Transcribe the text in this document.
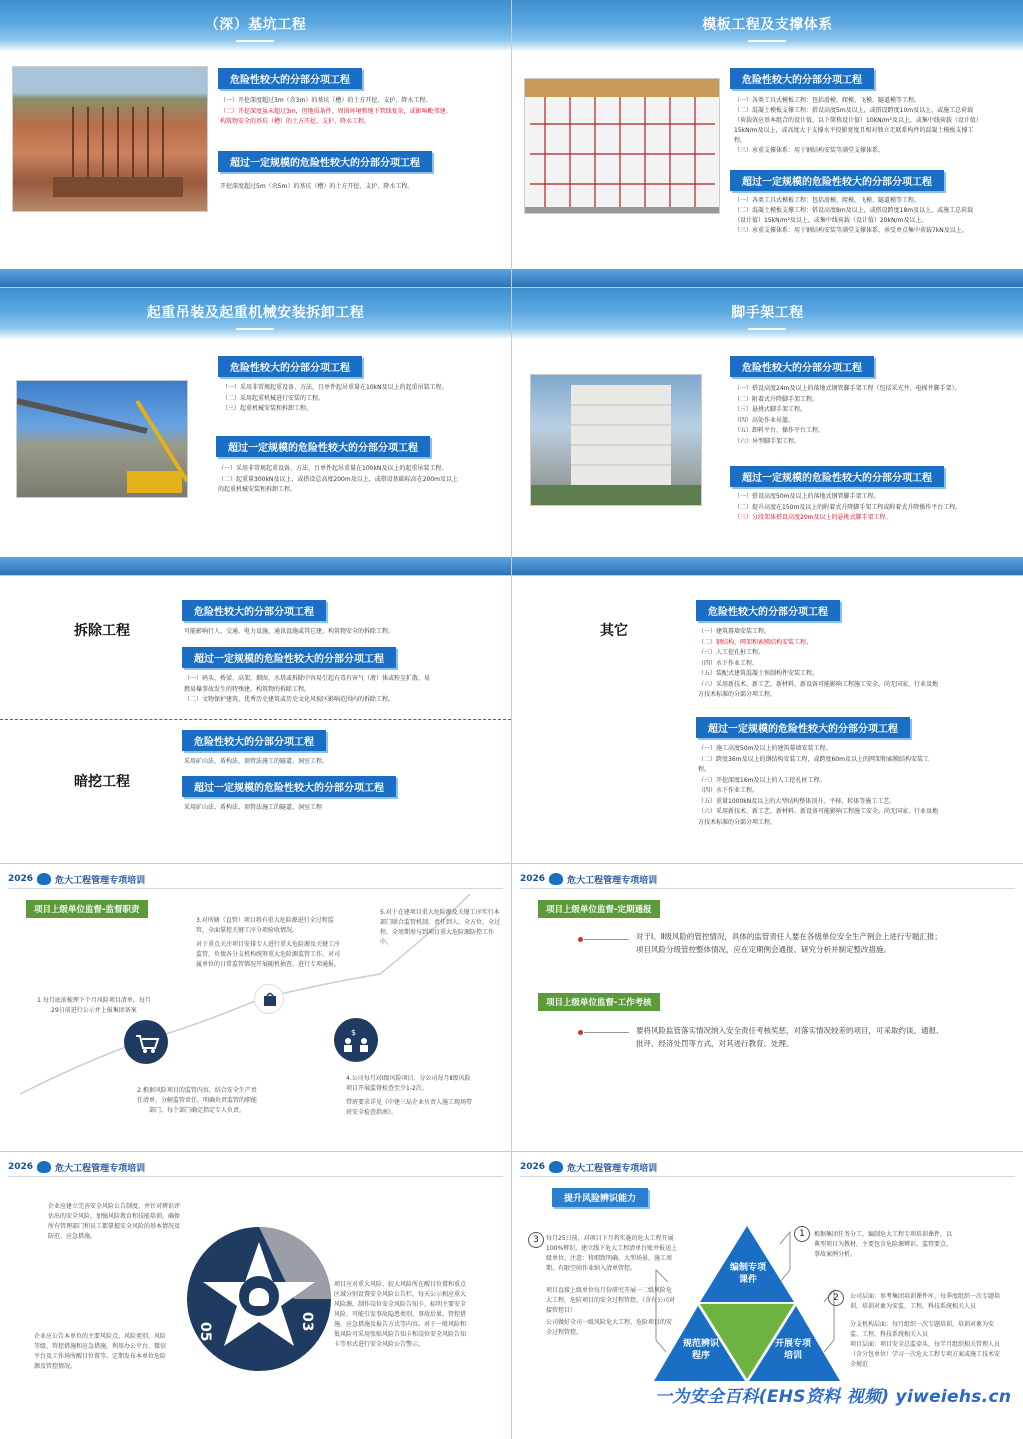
（深）基坑工程
危险性较大的分部分项工程

（一）开挖深度超过3m（含3m）的基坑（槽）的土方开挖、支护、降水工程。

（二）开挖深度虽未超过3m，但地质条件、周围环境和地下管线复杂，或影响毗邻建、构筑物安全的基坑（槽）的土方开挖、支护、降水工程。

超过一定规模的危险性较大的分部分项工程

开挖深度超过5m（含5m）的基坑（槽）的土方开挖、支护、降水工程。

模板工程及支撑体系
危险性较大的分部分项工程

（一）各类工具式模板工程：包括滑模、爬模、飞模、隧道模等工程。

（二）混凝土模板支撑工程：搭设高度5m及以上，或搭设跨度10m及以上，或施工总荷载（荷载效应基本组合的设计值，以下简称设计值）10kN/m²及以上，或集中线荷载（设计值）15kN/m及以上，或高度大于支撑水平投影宽度且相对独立无联系构件的混凝土模板支撑工程。

（三）承重支撑体系：用于钢结构安装等满堂支撑体系。

超过一定规模的危险性较大的分部分项工程

（一）各类工具式模板工程：包括滑模、爬模、飞模、隧道模等工程。

（二）混凝土模板支撑工程：搭设高度8m及以上，或搭设跨度18m及以上，或施工总荷载（设计值）15kN/m²及以上，或集中线荷载（设计值）20kN/m及以上。

（三）承重支撑体系：用于钢结构安装等满堂支撑体系，承受单点集中荷载7kN及以上。

起重吊装及起重机械安装拆卸工程
危险性较大的分部分项工程

（一）采用非常规起重设备、方法，且单件起吊重量在10kN及以上的起重吊装工程。

（二）采用起重机械进行安装的工程。

（三）起重机械安装和拆卸工程。

超过一定规模的危险性较大的分部分项工程

（一）采用非常规起重设备、方法，且单件起吊重量在100kN及以上的起重吊装工程。

（二）起重量300kN及以上，或搭设总高度200m及以上，或搭设基础标高在200m及以上的起重机械安装和拆卸工程。

脚手架工程
危险性较大的分部分项工程

（一）搭设高度24m及以上的落地式钢管脚手架工程（包括采光井、电梯井脚手架）。

（二）附着式升降脚手架工程。

（三）悬挑式脚手架工程。

（四）高处作业吊篮。

（五）卸料平台、操作平台工程。

（六）异型脚手架工程。

超过一定规模的危险性较大的分部分项工程

（一）搭设高度50m及以上的落地式钢管脚手架工程。

（二）提升高度在150m及以上的附着式升降脚手架工程或附着式升降操作平台工程。

（三）分段架体搭设高度20m及以上的悬挑式脚手架工程。

拆除工程
危险性较大的分部分项工程

可能影响行人、交通、电力设施、通讯设施或其它建、构筑物安全的拆除工程。

超过一定规模的危险性较大的分部分项工程

（一）码头、桥梁、高架、烟囱、水塔或拆除中容易引起有毒有害气（液）体或粉尘扩散、易燃易爆事故发生的特殊建、构筑物的拆除工程。

（二）文物保护建筑、优秀历史建筑或历史文化风貌区影响范围内的拆除工程。

暗挖工程
危险性较大的分部分项工程

采用矿山法、盾构法、顶管法施工的隧道、洞室工程。

超过一定规模的危险性较大的分部分项工程

采用矿山法、盾构法、顶管法施工的隧道、洞室工程

其它
危险性较大的分部分项工程

（一）建筑幕墙安装工程。

（二）钢结构、网架和索膜结构安装工程。

（三）人工挖孔桩工程。

（四）水下作业工程。

（五）装配式建筑混凝土预制构件安装工程。

（六）采用新技术、新工艺、新材料、新设备可能影响工程施工安全，尚无国家、行业及地方技术标准的分部分项工程。

超过一定规模的危险性较大的分部分项工程

（一）施工高度50m及以上的建筑幕墙安装工程。

（二）跨度36m及以上的钢结构安装工程，或跨度60m及以上的网架和索膜结构安装工程。

（三）开挖深度16m及以上的人工挖孔桩工程。

（四）水下作业工程。

（五）重量1000kN及以上的大型结构整体顶升、平移、转体等施工工艺。

（六）采用新技术、新工艺、新材料、新设备可能影响工程施工安全，尚无国家、行业及地方技术标准的分部分项工程。

2026 危大工程管理专项培训
项目上级单位监督-监督职责
$
1.每月底前梳理下个月风险项目清单，每月29日前进行公示并上报集团备案
2.根据风险项目的监管内容，结合安全生产责任清单，分解监管责任，明确负责监管的职能部门，每个部门确定指定专人负责。
3.对所辖（直管）项目将有重大危险源进行全过程监管，全面掌控关键工序分项验收情况。
对于重点关注项目安排专人进行重大危险源及关键工序监管，负债各分支机构统筹重大危险源监管工作，对司属单位的日常监管情况开展随机抽查、进行专项通报。
4.公司每月对Ⅰ级风险项目、分公司每月Ⅱ级风险项目开展监督检查至少1-2次。
带班要求详见《中建三局企业负责人施工现场带班安全检查指南》。
5.对于在建项目重大危险源及关键工序实行本部门联合监管机制，责任到人、全方位、全过程、全周期参与到项目重大危险源防控工作中。
2026 危大工程管理专项培训
项目上级单位监督-定期通报
对于Ⅰ、Ⅱ级风险的管控情况，具体的监管责任人要在各级单位安全生产例会上进行专题汇报；项目风险分级管控整体情况，应在定期例会通报、研究分析并制定整改措施。
项目上级单位监督-工作考核
要将风险监管落实情况纳入安全责任考核奖惩，对落实情况较差的项目，可采取约谈、通报、批评、经济处罚等方式，对其进行教育、处理。
2026 危大工程管理专项培训
企业应建立完善安全风险公告制度，并针对辨识评估出的安全风险，加强风险教育和技能培训，确保所有管理部门和员工都掌握安全风险的基本情况及防范、应急措施。
项目应对重大风险、较大风险所在醒目位置和重点区域分别设置安全风险公告栏，每天公示相应重大风险源，制作岗位安全风险告知卡，标明主要安全风险、可能引发事故隐患类别、事故后果、管控措施、应急措施及报告方式等内容。对于一般风险和低风险可采用张贴风险告知卡和岗位安全风险告知卡等形式进行安全风险公告警示。
企业应公告本单位的主要风险点、风险类别、风险等级、管控措施和应急措施，利用办公平台、微信平台及工作场所醒目位置等，定期发布本单位危险源及管控情况。
05
03
2026 危大工程管理专项培训
提升风险辨识能力
编制专项课件
规范辨识程序
开展专项培训
1
2
3
根据集团任务分工，编制危大工程专项培训课件，以典型项目为教材，主要包含危险源辨识、监管要点、事故案例分析。
公司层面：参考集团培训课件库，每季度组织一次专题培训，培训对象为安监、工程、科技系统相关人员
分支机构层面：每月组织一次专题培训，培训对象为安监、工程、科技系统相关人员
项目层面：项目安全总监牵头，每半月组织相关管理人员（含分包单位）学习一次危大工程专项方案或施工技术安全规范
每月25日前，对项目下月将实施的危大工程开展100%辨识，建立线下危大工程清单台账并报送上级单位，注意：将细致明确、大型场景、施工周期、有限空间作业纳入清单管控。
项目直接上级单位每月份研究开展一二级风险危大工程，危险项目的安全过程管控，（含有公司对接管控目）
公司做好全司一级风险危大工程，危险项目的安全过程管控。
一为安全百科(EHS资料 视频) yiweiehs.cn
